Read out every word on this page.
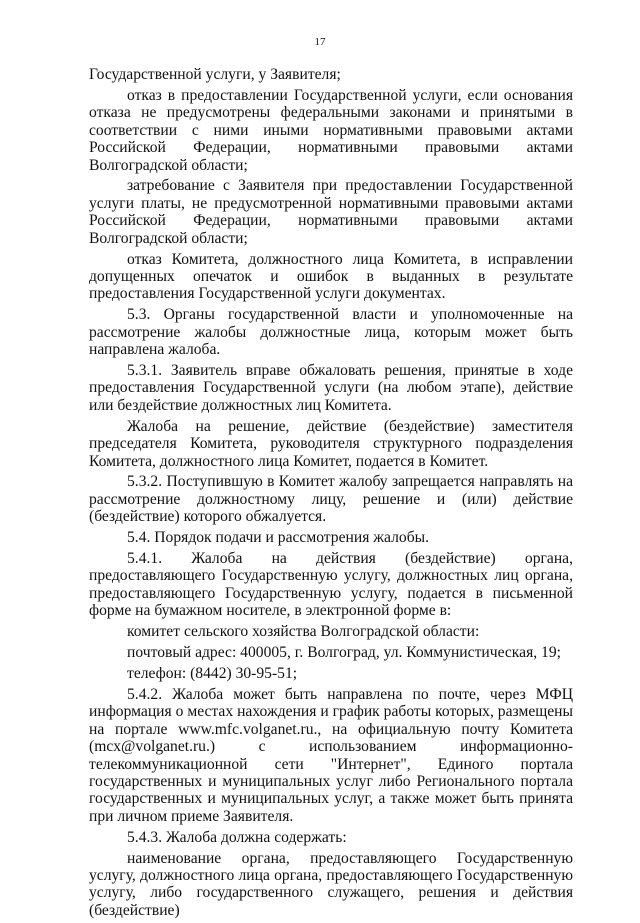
17

Государственной услуги, у Заявителя;

отказ в предоставлении Государственной услуги, если основания отказа не предусмотрены федеральными законами и принятыми в соответствии с ними иными нормативными правовыми актами Российской Федерации, нормативными правовыми актами Волгоградской области;

затребование с Заявителя при предоставлении Государственной услуги платы, не предусмотренной нормативными правовыми актами Российской Федерации, нормативными правовыми актами Волгоградской области;

отказ Комитета, должностного лица Комитета, в исправлении допущенных опечаток и ошибок в выданных в результате предоставления Государственной услуги документах.

5.3. Органы государственной власти и уполномоченные на рассмотрение жалобы должностные лица, которым может быть направлена жалоба.

5.3.1. Заявитель вправе обжаловать решения, принятые в ходе предоставления Государственной услуги (на любом этапе), действие или бездействие должностных лиц Комитета.

Жалоба на решение, действие (бездействие) заместителя председателя Комитета, руководителя структурного подразделения Комитета, должностного лица Комитет, подается в Комитет.

5.3.2. Поступившую в Комитет жалобу запрещается направлять на рассмотрение должностному лицу, решение и (или) действие (бездействие) которого обжалуется.

5.4. Порядок подачи и рассмотрения жалобы.

5.4.1. Жалоба на действия (бездействие) органа, предоставляющего Государственную услугу, должностных лиц органа, предоставляющего Государственную услугу, подается в письменной форме на бумажном носителе, в электронной форме в:

комитет сельского хозяйства Волгоградской области:

почтовый адрес: 400005, г. Волгоград, ул. Коммунистическая, 19;

телефон: (8442) 30-95-51;

5.4.2. Жалоба может быть направлена по почте, через МФЦ информация о местах нахождения и график работы которых, размещены на портале www.mfc.volganet.ru., на официальную почту Комитета (mcx@volganet.ru.) с использованием информационно-телекоммуникационной сети "Интернет", Единого портала государственных и муниципальных услуг либо Регионального портала государственных и муниципальных услуг, а также может быть принята при личном приеме Заявителя.

5.4.3. Жалоба должна содержать:

наименование органа, предоставляющего Государственную услугу, должностного лица органа, предоставляющего Государственную услугу, либо государственного служащего, решения и действия (бездействие)
